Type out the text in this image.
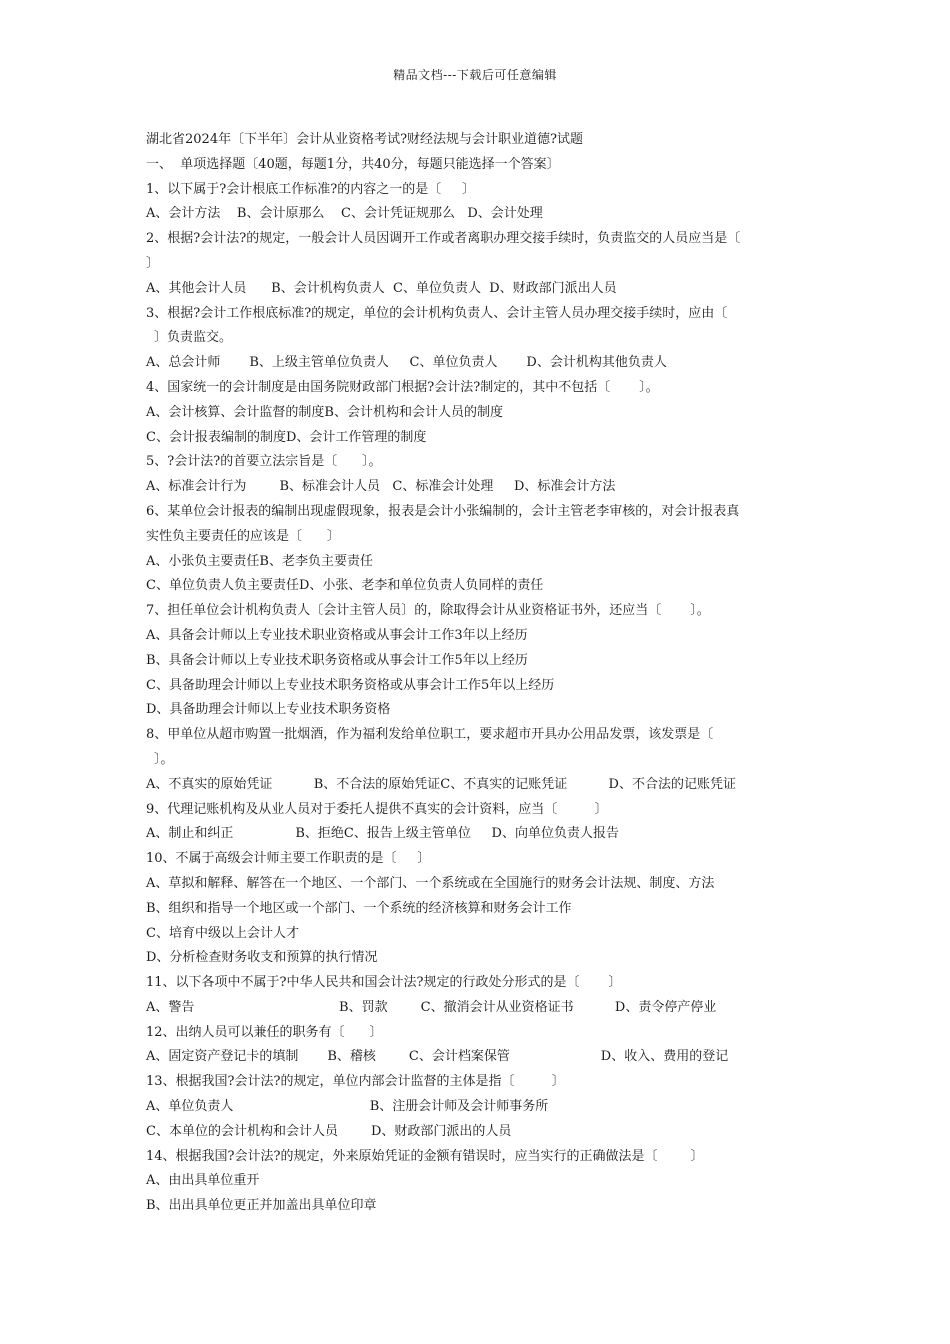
精品文档---下载后可任意编辑
湖北省2024年〔下半年〕会计从业资格考试?财经法规与会计职业道德?试题
一、  单项选择题〔40题，每题1分，共40分，每题只能选择一个答案〕
1、以下属于?会计根底工作标准?的内容之一的是〔     〕
A、会计方法    B、会计原那么    C、会计凭证规那么   D、会计处理
2、根据?会计法?的规定，一般会计人员因调开工作或者离职办理交接手续时，负责监交的人员应当是〔
〕
A、其他会计人员      B、会计机构负责人  C、单位负责人  D、财政部门派出人员
3、根据?会计工作根底标准?的规定，单位的会计机构负责人、会计主管人员办理交接手续时，应由〔
〕负责监交。
A、总会计师       B、上级主管单位负责人     C、单位负责人       D、会计机构其他负责人
4、国家统一的会计制度是由国务院财政部门根据?会计法?制定的，其中不包括〔       〕。
A、会计核算、会计监督的制度B、会计机构和会计人员的制度
C、会计报表编制的制度D、会计工作管理的制度
5、?会计法?的首要立法宗旨是〔      〕。
A、标准会计行为        B、标准会计人员   C、标准会计处理     D、标准会计方法
6、某单位会计报表的编制出现虚假现象，报表是会计小张编制的，会计主管老李审核的，对会计报表真
实性负主要责任的应该是〔      〕
A、小张负主要责任B、老李负主要责任
C、单位负责人负主要责任D、小张、老李和单位负责人负同样的责任
7、担任单位会计机构负责人〔会计主管人员〕的，除取得会计从业资格证书外，还应当〔       〕。
A、具备会计师以上专业技术职业资格或从事会计工作3年以上经历
B、具备会计师以上专业技术职务资格或从事会计工作5年以上经历
C、具备助理会计师以上专业技术职务资格或从事会计工作5年以上经历
D、具备助理会计师以上专业技术职务资格
8、甲单位从超市购置一批烟酒，作为福利发给单位职工，要求超市开具办公用品发票，该发票是〔
〕。
A、不真实的原始凭证          B、不合法的原始凭证C、不真实的记账凭证          D、不合法的记账凭证
9、代理记账机构及从业人员对于委托人提供不真实的会计资料，应当〔         〕
A、制止和纠正               B、拒绝C、报告上级主管单位     D、向单位负责人报告
10、不属于高级会计师主要工作职责的是〔     〕
A、草拟和解释、解答在一个地区、一个部门、一个系统或在全国施行的财务会计法规、制度、方法
B、组织和指导一个地区或一个部门、一个系统的经济核算和财务会计工作
C、培育中级以上会计人才
D、分析检查财务收支和预算的执行情况
11、以下各项中不属于?中华人民共和国会计法?规定的行政处分形式的是〔       〕
A、警告                                   B、罚款        C、撤消会计从业资格证书          D、责令停产停业
12、出纳人员可以兼任的职务有〔      〕
A、固定资产登记卡的填制       B、稽核        C、会计档案保管                      D、收入、费用的登记
13、根据我国?会计法?的规定，单位内部会计监督的主体是指〔         〕
A、单位负责人                                 B、注册会计师及会计师事务所
C、本单位的会计机构和会计人员        D、财政部门派出的人员
14、根据我国?会计法?的规定，外来原始凭证的金额有错误时，应当实行的正确做法是〔        〕
A、由出具单位重开
B、出出具单位更正并加盖出具单位印章
